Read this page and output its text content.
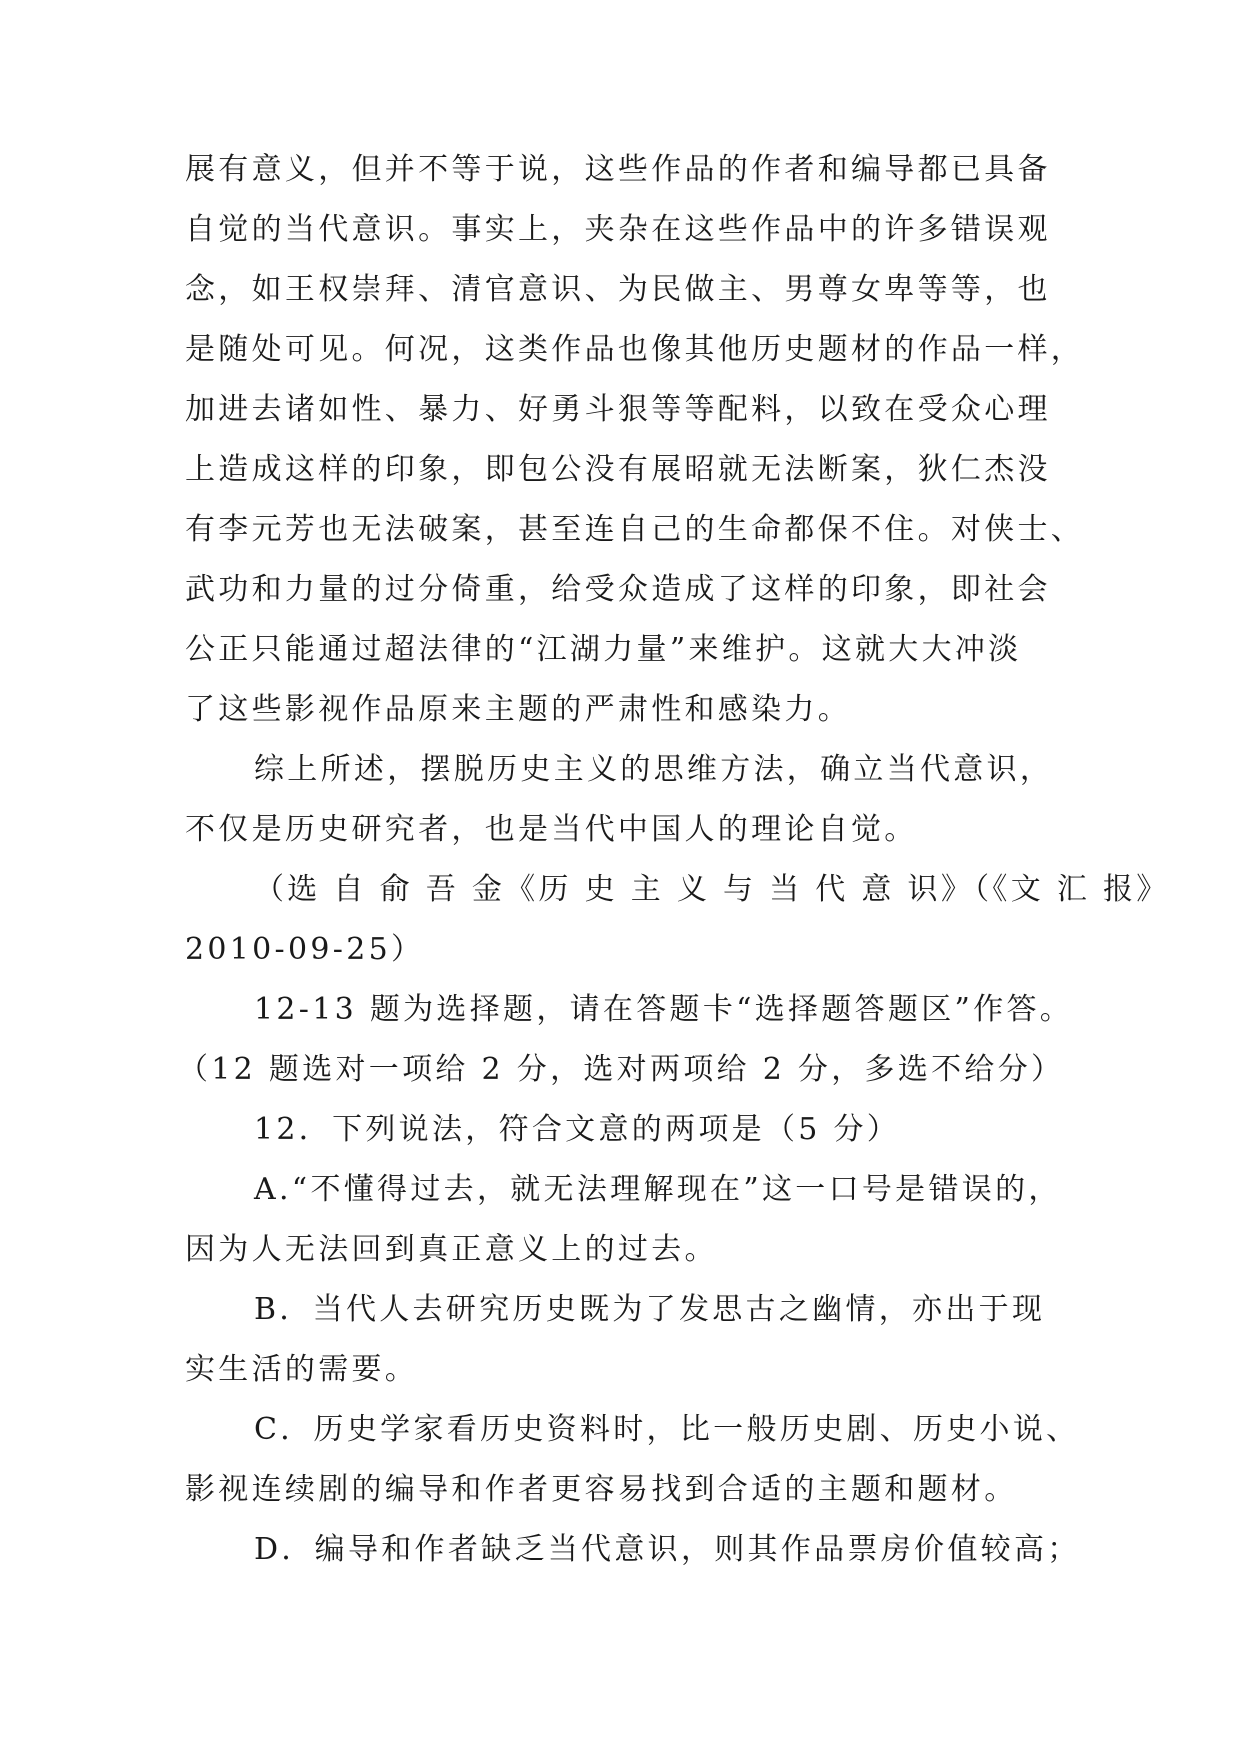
展有意义，但并不等于说，这些作品的作者和编导都已具备
自觉的当代意识。事实上，夹杂在这些作品中的许多错误观
念，如王权崇拜、清官意识、为民做主、男尊女卑等等，也
是随处可见。何况，这类作品也像其他历史题材的作品一样，
加进去诸如性、暴力、好勇斗狠等等配料，以致在受众心理
上造成这样的印象，即包公没有展昭就无法断案，狄仁杰没
有李元芳也无法破案，甚至连自己的生命都保不住。对侠士、
武功和力量的过分倚重，给受众造成了这样的印象，即社会
公正只能通过超法律的“江湖力量”来维护。这就大大冲淡
了这些影视作品原来主题的严肃性和感染力。
综上所述，摆脱历史主义的思维方法，确立当代意识，
不仅是历史研究者，也是当代中国人的理论自觉。
（选 自 俞 吾 金《历 史 主 义 与 当 代 意 识》（《文 汇 报》
2010-09-25）
12-13 题为选择题，请在答题卡“选择题答题区”作答。
（12 题选对一项给 2 分，选对两项给 2 分，多选不给分）
12．下列说法，符合文意的两项是（5 分）
A.“不懂得过去，就无法理解现在”这一口号是错误的，
因为人无法回到真正意义上的过去。
B．当代人去研究历史既为了发思古之幽情，亦出于现
实生活的需要。
C．历史学家看历史资料时，比一般历史剧、历史小说、
影视连续剧的编导和作者更容易找到合适的主题和题材。
D．编导和作者缺乏当代意识，则其作品票房价值较高；
